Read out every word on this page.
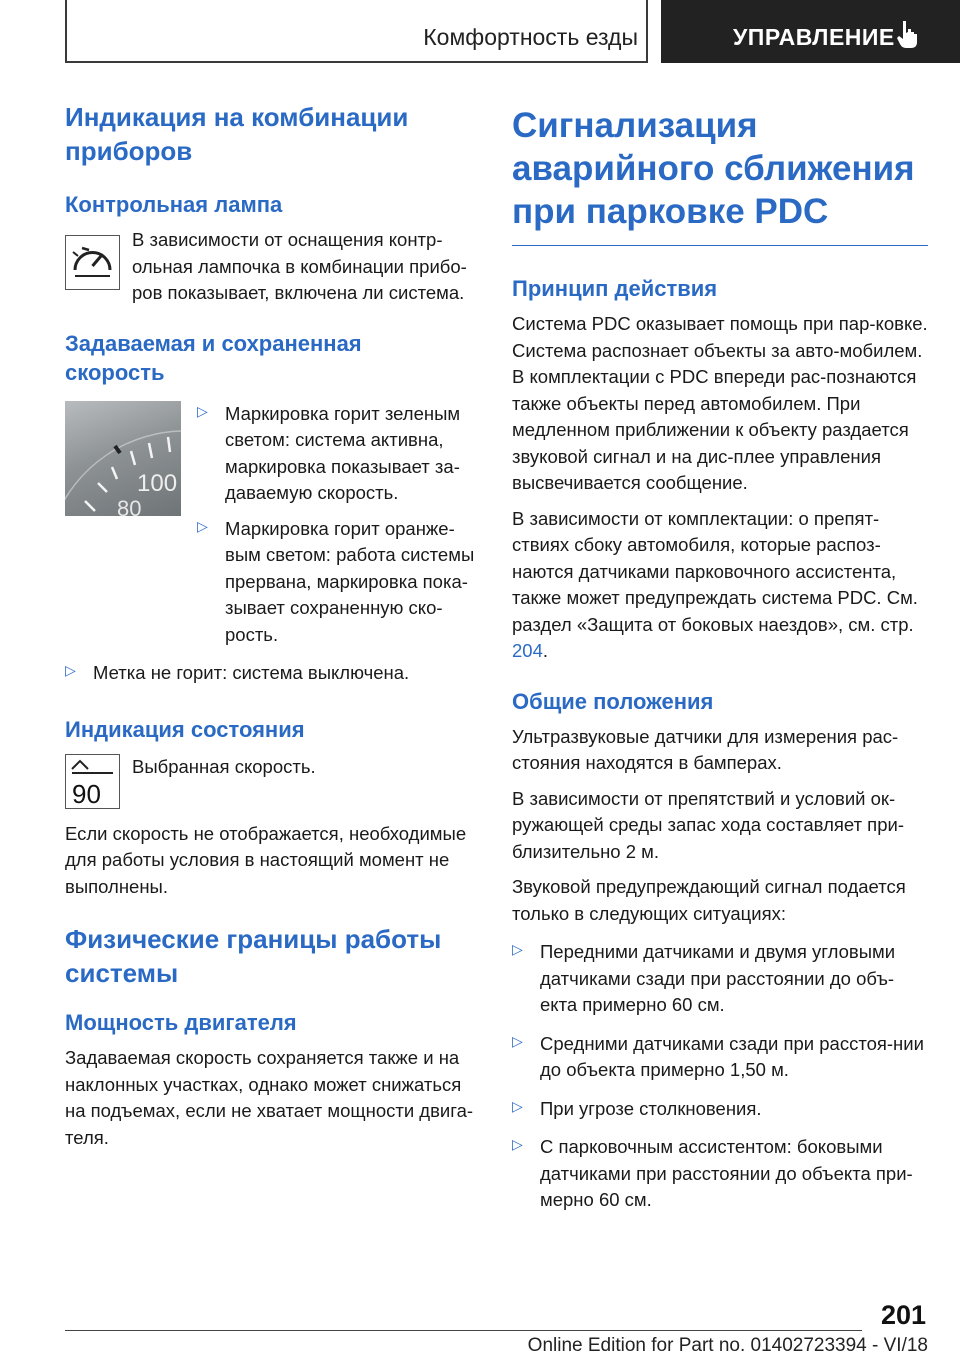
Комфортность езды	УПРАВЛЕНИЕ
Индикация на комбинации приборов
Контрольная лампа

В зависимости от оснащения контр-ольная лампочка в комбинации прибо-ров показывает, включена ли система.

Задаваемая и сохраненная скорость
100
80
▷ Маркировка горит зеленым светом: система активна, маркировка показывает за-даваемую скорость.
▷ Маркировка горит оранже-вым светом: работа системы прервана, маркировка пока-зывает сохраненную ско-рость.
▷ Метка не горит: система выключена.
Индикация состояния
90

Выбранная скорость.

Если скорость не отображается, необходимые для работы условия в настоящий момент не выполнены.

Физические границы работы системы
Мощность двигателя

Задаваемая скорость сохраняется также и на наклонных участках, однако может снижаться на подъемах, если не хватает мощности двига-теля.

Сигнализация аварийного сближения при парковке PDC
Принцип действия

Система PDC оказывает помощь при пар-ковке. Система распознает объекты за авто-мобилем. В комплектации с PDC впереди рас-познаются также объекты перед автомобилем. При медленном приближении к объекту раздается звуковой сигнал и на дис-плее управления высвечивается сообщение.

В зависимости от комплектации: о препят-ствиях сбоку автомобиля, которые распоз-наются датчиками парковочного ассистента, также может предупреждать система PDC. См. раздел «Защита от боковых наездов», см. стр. 204.

Общие положения

Ультразвуковые датчики для измерения рас-стояния находятся в бамперах.

В зависимости от препятствий и условий ок-ружающей среды запас хода составляет при-близительно 2 м.

Звуковой предупреждающий сигнал подается только в следующих ситуациях:

▷ Передними датчиками и двумя угловыми датчиками сзади при расстоянии до объ-екта примерно 60 см.
▷ Средними датчиками сзади при расстоя-нии до объекта примерно 1,50 м.
▷ При угрозе столкновения.
▷ С парковочным ассистентом: боковыми датчиками при расстоянии до объекта при-мерно 60 см.
201
Online Edition for Part no. 01402723394 - VI/18
